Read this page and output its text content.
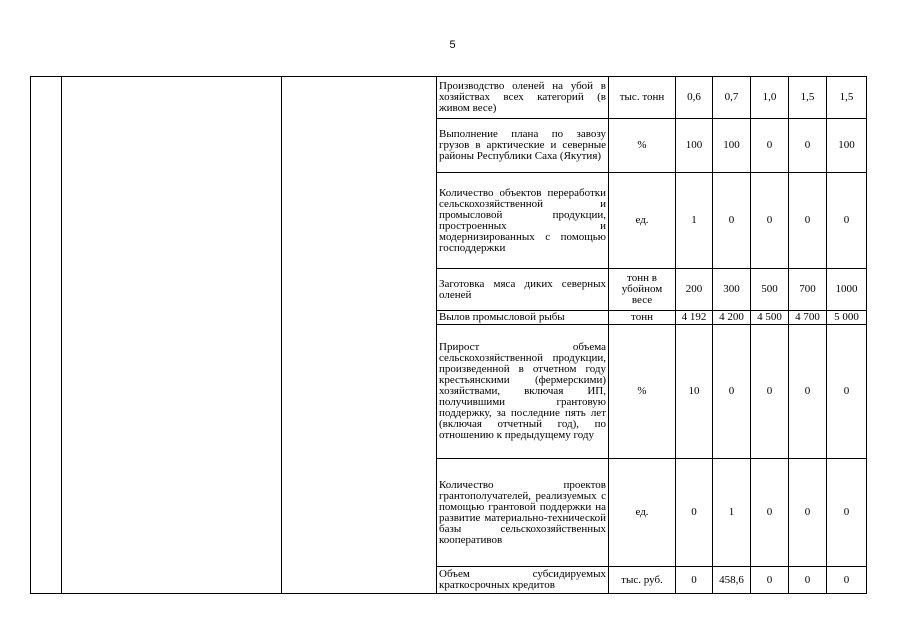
5
			Производство оленей на убой в хозяйствах всех категорий (в живом весе)	тыс. тонн	0,6	0,7	1,0	1,5	1,5
			Выполнение плана по завозу грузов в арктические и северные районы Республики Саха (Якутия)	%	100	100	0	0	100
			Количество объектов переработки сельскохозяйственной и промысловой продукции, простроенных и модернизированных с помощью господдержки	ед.	1	0	0	0	0
			Заготовка мяса диких северных оленей	тонн в убойном весе	200	300	500	700	1000
			Вылов промысловой рыбы	тонн	4 192	4 200	4 500	4 700	5 000
			Прирост объема сельскохозяйственной продукции, произведенной в отчетном году крестьянскими (фермерскими) хозяйствами, включая ИП, получившими грантовую поддержку, за последние пять лет (включая отчетный год), по отношению к предыдущему году	%	10	0	0	0	0
			Количество проектов грантополучателей, реализуемых с помощью грантовой поддержки на развитие материально-технической базы сельскохозяйственных кооперативов	ед.	0	1	0	0	0
			Объем субсидируемых краткосрочных кредитов	тыс. руб.	0	458,6	0	0	0
